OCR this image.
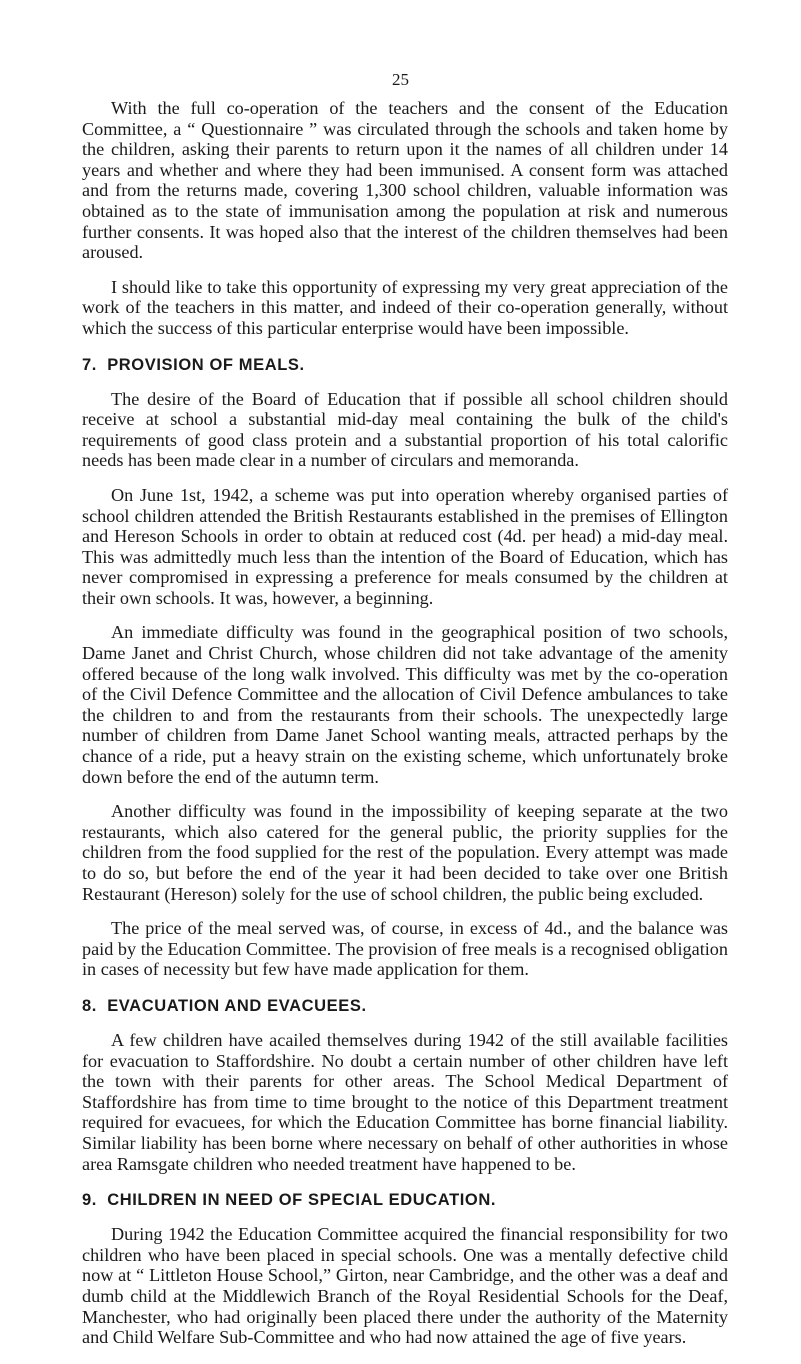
25

With the full co-operation of the teachers and the consent of the Education Committee, a “ Questionnaire ” was circulated through the schools and taken home by the children, asking their parents to return upon it the names of all children under 14 years and whether and where they had been immunised. A consent form was attached and from the returns made, covering 1,300 school children, valuable information was obtained as to the state of immunisation among the population at risk and numerous further consents. It was hoped also that the interest of the children themselves had been aroused.

I should like to take this opportunity of expressing my very great appreciation of the work of the teachers in this matter, and indeed of their co-operation generally, without which the success of this particular enterprise would have been impossible.

7. PROVISION OF MEALS.

The desire of the Board of Education that if possible all school children should receive at school a substantial mid-day meal containing the bulk of the child's requirements of good class protein and a substantial proportion of his total calorific needs has been made clear in a number of circulars and memoranda.

On June 1st, 1942, a scheme was put into operation whereby organised parties of school children attended the British Restaurants established in the premises of Ellington and Hereson Schools in order to obtain at reduced cost (4d. per head) a mid-day meal. This was admittedly much less than the intention of the Board of Education, which has never compromised in expressing a preference for meals consumed by the children at their own schools. It was, however, a beginning.

An immediate difficulty was found in the geographical position of two schools, Dame Janet and Christ Church, whose children did not take advantage of the amenity offered because of the long walk involved. This difficulty was met by the co-operation of the Civil Defence Committee and the allocation of Civil Defence ambulances to take the children to and from the restaurants from their schools. The unexpectedly large number of children from Dame Janet School wanting meals, attracted perhaps by the chance of a ride, put a heavy strain on the existing scheme, which unfortunately broke down before the end of the autumn term.

Another difficulty was found in the impossibility of keeping separate at the two restaurants, which also catered for the general public, the priority supplies for the children from the food supplied for the rest of the population. Every attempt was made to do so, but before the end of the year it had been decided to take over one British Restaurant (Hereson) solely for the use of school children, the public being excluded.

The price of the meal served was, of course, in excess of 4d., and the balance was paid by the Education Committee. The provision of free meals is a recognised obligation in cases of necessity but few have made application for them.

8. EVACUATION AND EVACUEES.

A few children have acailed themselves during 1942 of the still available facilities for evacuation to Staffordshire. No doubt a certain number of other children have left the town with their parents for other areas. The School Medical Department of Staffordshire has from time to time brought to the notice of this Department treatment required for evacuees, for which the Education Committee has borne financial liability. Similar liability has been borne where necessary on behalf of other authorities in whose area Ramsgate children who needed treatment have happened to be.

9. CHILDREN IN NEED OF SPECIAL EDUCATION.

During 1942 the Education Committee acquired the financial responsibility for two children who have been placed in special schools. One was a mentally defective child now at “ Littleton House School,” Girton, near Cambridge, and the other was a deaf and dumb child at the Middlewich Branch of the Royal Residential Schools for the Deaf, Manchester, who had originally been placed there under the authority of the Maternity and Child Welfare Sub-Committee and who had now attained the age of five years.
